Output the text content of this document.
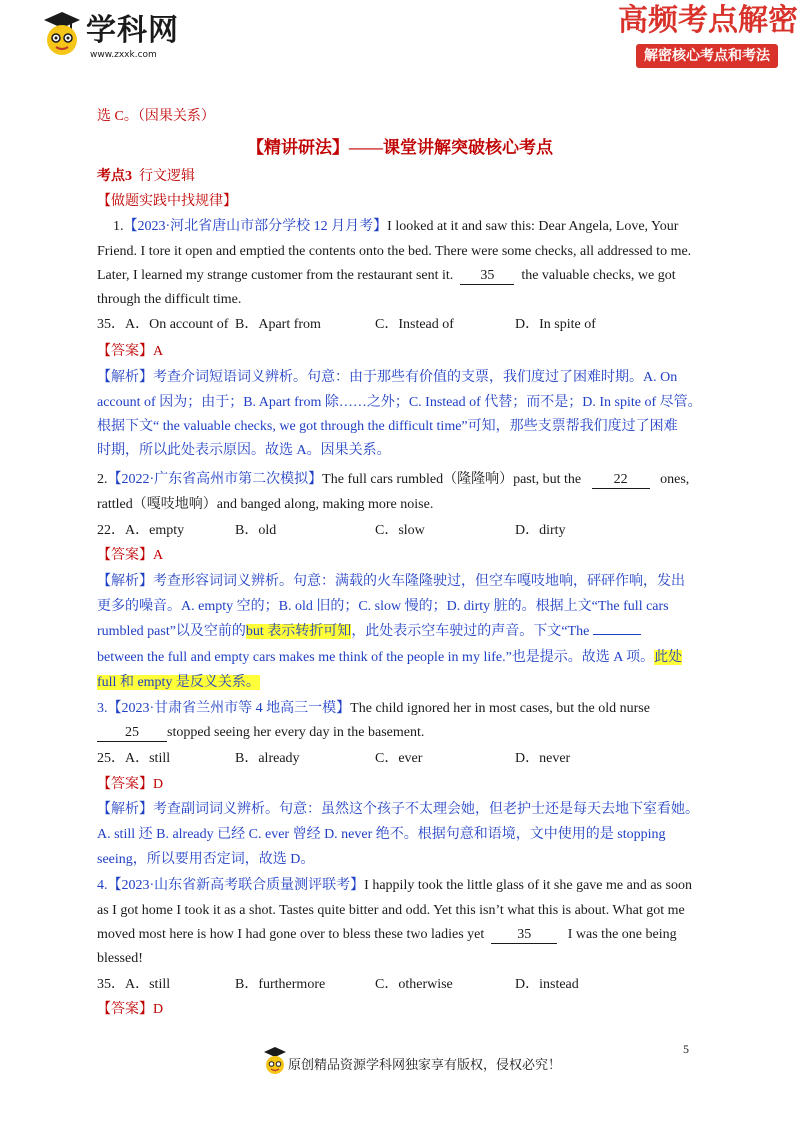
学科网
www.zxxk.com
高频考点解密
解密核心考点和考法
选 C。（因果关系）
【精讲研法】——课堂讲解突破核心考点
考点3 行文逻辑
【做题实践中找规律】
1.【2023·河北省唐山市部分学校 12 月月考】I looked at it and saw this: Dear Angela, Love, Your
Friend. I tore it open and emptied the contents onto the bed. There were some checks, all addressed to me.
Later, I learned my strange customer from the restaurant sent it. 35 the valuable checks, we got
through the difficult time.
35．A．On account of B．Apart from	C．Instead of	D．In spite of
【答案】A
【解析】考查介词短语词义辨析。句意：由于那些有价值的支票，我们度过了困难时期。A. On
account of 因为；由于；B. Apart from 除……之外；C. Instead of 代替；而不是；D. In spite of 尽管。
根据下文“ the valuable checks, we got through the difficult time”可知，那些支票帮我们度过了困难
时期，所以此处表示原因。故选 A。因果关系。
2.【2022·广东省高州市第二次模拟】The full cars rumbled（隆隆响）past, but the 22 ones,
rattled（嘎吱地响）and banged along, making more noise.
22．A．empty	B．old	C．slow	D．dirty
【答案】A
【解析】考查形容词词义辨析。句意：满载的火车隆隆驶过，但空车嘎吱地响，砰砰作响，发出
更多的噪音。A. empty 空的；B. old 旧的；C. slow 慢的；D. dirty 脏的。根据上文“The full cars
rumbled past”以及空前的but 表示转折可知，此处表示空车驶过的声音。下文“The
between the full and empty cars makes me think of the people in my life.”也是提示。故选 A 项。此处
full 和 empty 是反义关系。
3.【2023·甘肃省兰州市等 4 地高三一模】The child ignored her in most cases, but the old nurse
25 stopped seeing her every day in the basement.
25．A．still	B．already	C．ever	D．never
【答案】D
【解析】考查副词词义辨析。句意：虽然这个孩子不太理会她，但老护士还是每天去地下室看她。
A. still 还 B. already 已经 C. ever 曾经 D. never 绝不。根据句意和语境，文中使用的是 stopping
seeing，所以要用否定词，故选 D。
4.【2023·山东省新高考联合质量测评联考】I happily took the little glass of it she gave me and as soon
as I got home I took it as a shot. Tastes quite bitter and odd. Yet this isn’t what this is about. What got me
moved most here is how I had gone over to bless these two ladies yet 35	I was the one being
blessed!
35．A．still	B．furthermore	C．otherwise	D．instead
【答案】D
5
原创精品资源学科网独家享有版权，侵权必究！
